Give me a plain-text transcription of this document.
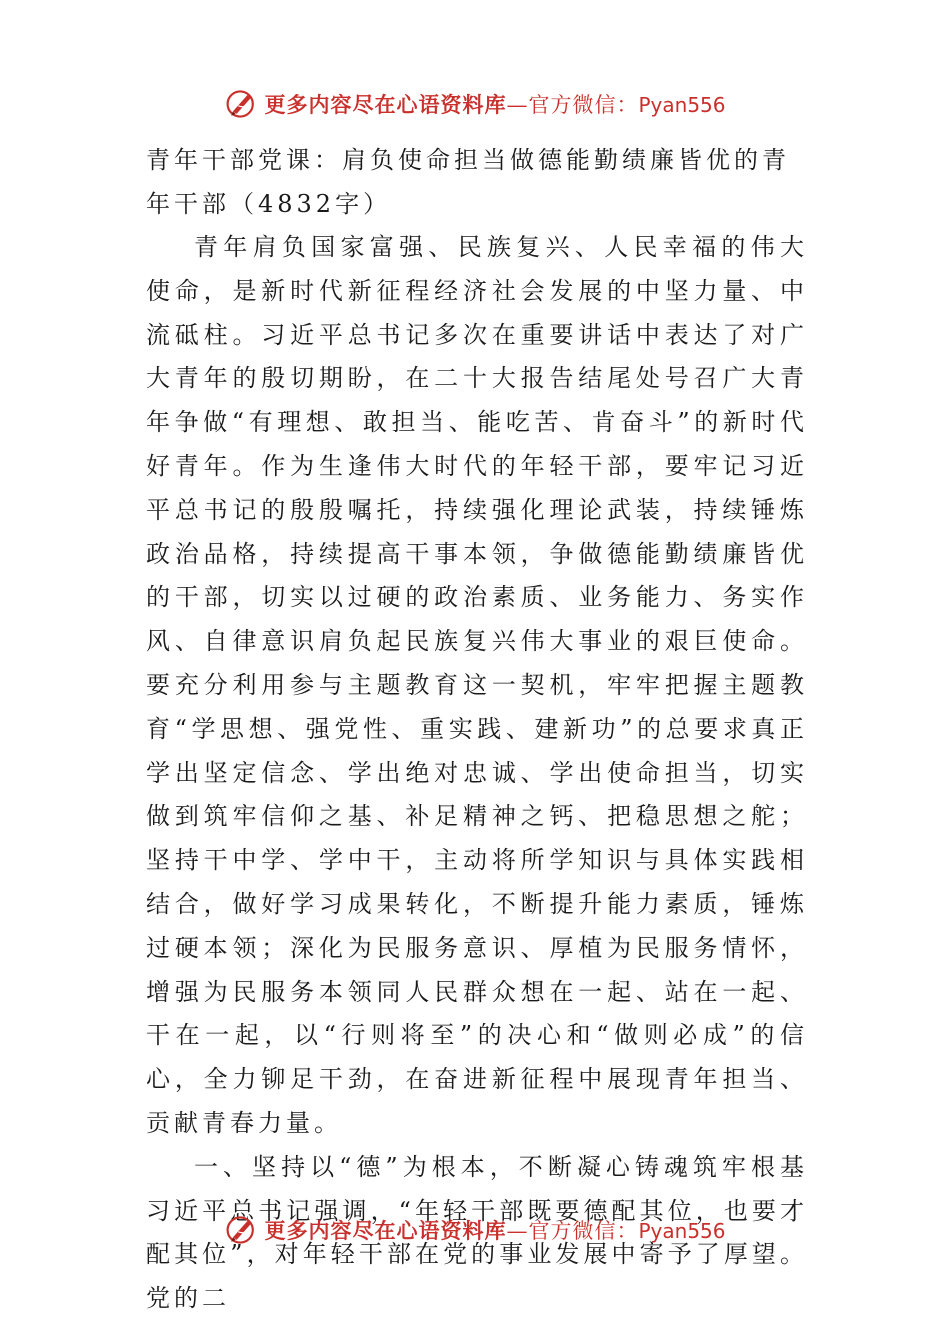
更多内容尽在心语资料库—官方微信：Pyan556
青年干部党课：肩负使命担当做德能勤绩廉皆优的青年干部（4832字）

青年肩负国家富强、民族复兴、人民幸福的伟大使命，是新时代新征程经济社会发展的中坚力量、中流砥柱。习近平总书记多次在重要讲话中表达了对广大青年的殷切期盼，在二十大报告结尾处号召广大青年争做“有理想、敢担当、能吃苦、肯奋斗”的新时代好青年。作为生逢伟大时代的年轻干部，要牢记习近平总书记的殷殷嘱托，持续强化理论武装，持续锤炼政治品格，持续提高干事本领，争做德能勤绩廉皆优的干部，切实以过硬的政治素质、业务能力、务实作风、自律意识肩负起民族复兴伟大事业的艰巨使命。要充分利用参与主题教育这一契机，牢牢把握主题教育“学思想、强党性、重实践、建新功”的总要求真正学出坚定信念、学出绝对忠诚、学出使命担当，切实做到筑牢信仰之基、补足精神之钙、把稳思想之舵；坚持干中学、学中干，主动将所学知识与具体实践相结合，做好学习成果转化，不断提升能力素质，锤炼过硬本领；深化为民服务意识、厚植为民服务情怀，增强为民服务本领同人民群众想在一起、站在一起、干在一起，以“行则将至”的决心和“做则必成”的信心，全力铆足干劲，在奋进新征程中展现青年担当、贡献青春力量。

一、坚持以“德”为根本，不断凝心铸魂筑牢根基习近平总书记强调，“年轻干部既要德配其位，也要才配其位”，对年轻干部在党的事业发展中寄予了厚望。党的二

更多内容尽在心语资料库—官方微信：Pyan556
